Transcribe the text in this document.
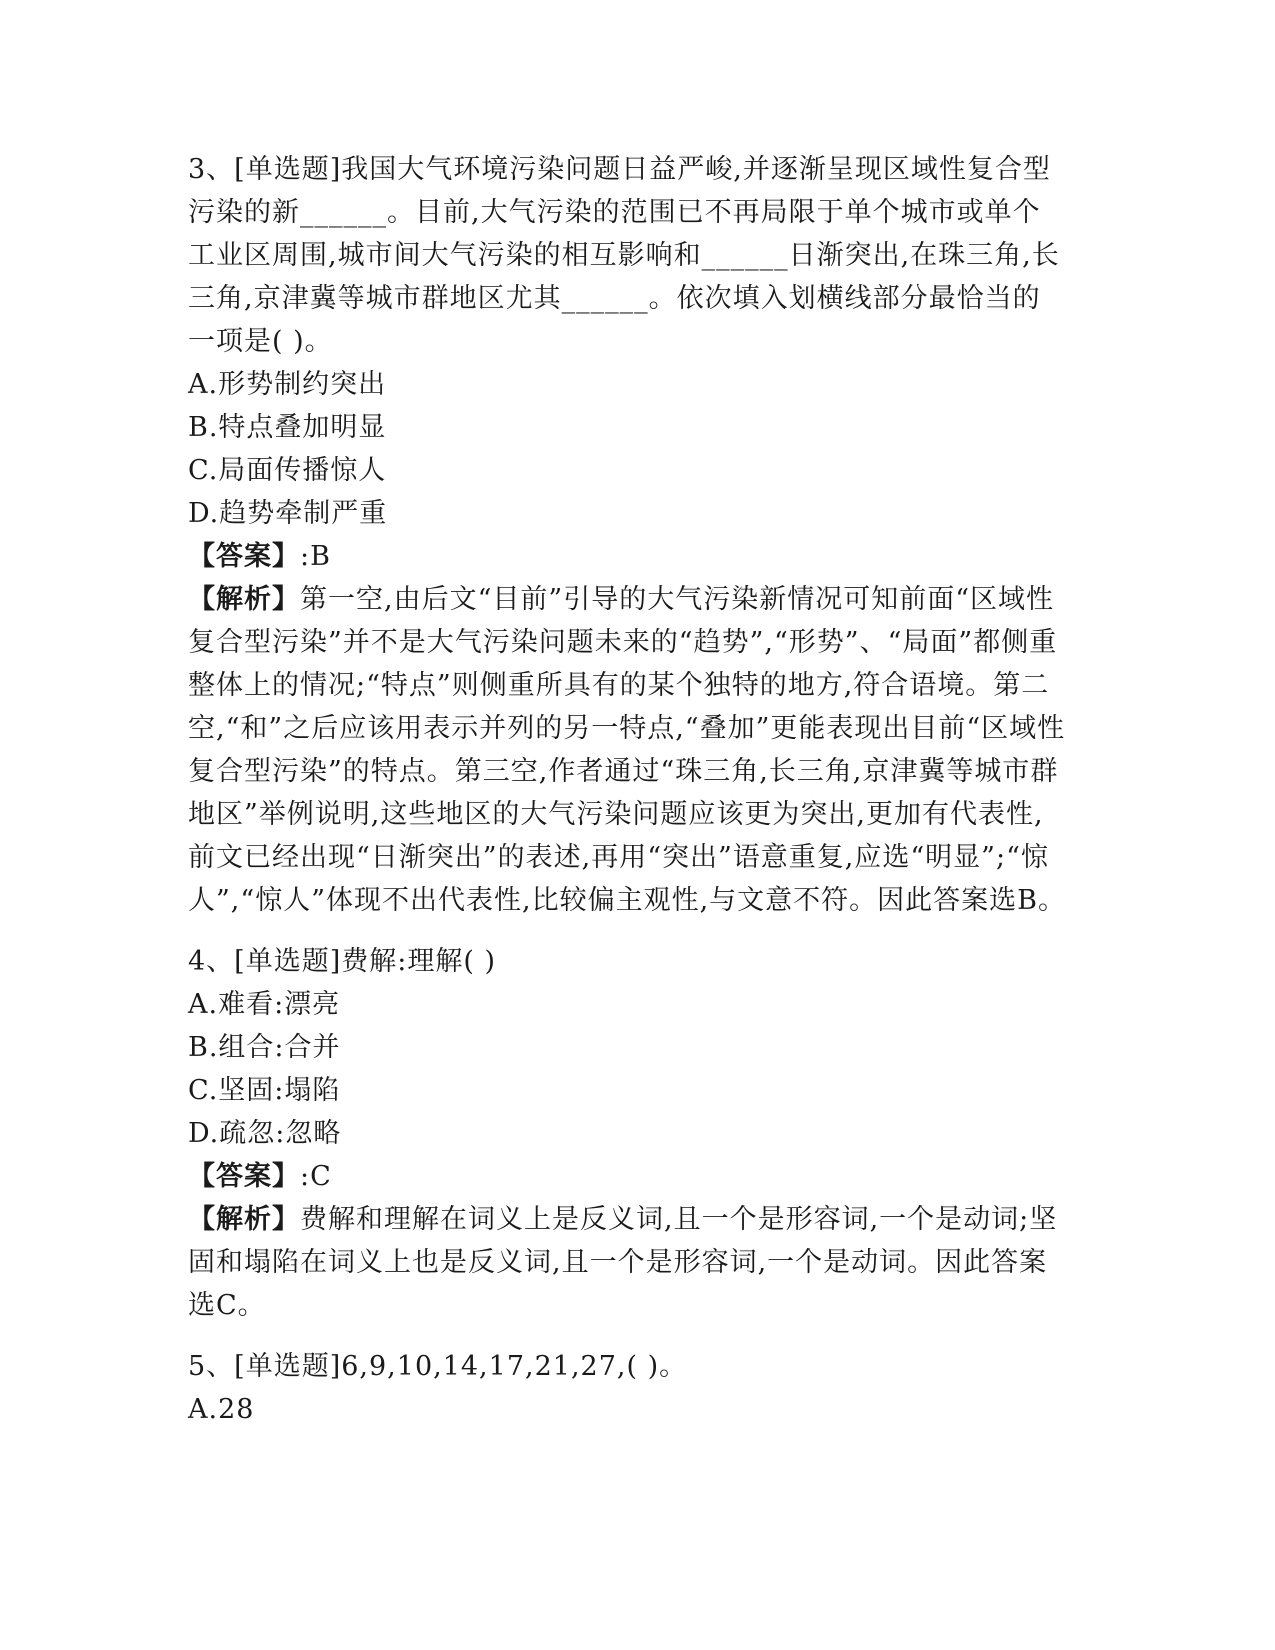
3、[单选题]我国大气环境污染问题日益严峻,并逐渐呈现区域性复合型污染的新______。目前,大气污染的范围已不再局限于单个城市或单个工业区周围,城市间大气污染的相互影响和______日渐突出,在珠三角,长三角,京津冀等城市群地区尤其______。依次填入划横线部分最恰当的一项是( )。

A.形势制约突出
B.特点叠加明显
C.局面传播惊人
D.趋势牵制严重

【答案】:B

【解析】第一空,由后文“目前”引导的大气污染新情况可知前面“区域性复合型污染”并不是大气污染问题未来的“趋势”,“形势”、“局面”都侧重整体上的情况;“特点”则侧重所具有的某个独特的地方,符合语境。第二空,“和”之后应该用表示并列的另一特点,“叠加”更能表现出目前“区域性复合型污染”的特点。第三空,作者通过“珠三角,长三角,京津冀等城市群地区”举例说明,这些地区的大气污染问题应该更为突出,更加有代表性,前文已经出现“日渐突出”的表述,再用“突出”语意重复,应选“明显”;“惊人”,“惊人”体现不出代表性,比较偏主观性,与文意不符。因此答案选B。

4、[单选题]费解:理解( )

A.难看:漂亮
B.组合:合并
C.坚固:塌陷
D.疏忽:忽略

【答案】:C

【解析】费解和理解在词义上是反义词,且一个是形容词,一个是动词;坚固和塌陷在词义上也是反义词,且一个是形容词,一个是动词。因此答案选C。

5、[单选题]6,9,10,14,17,21,27,( )。

A.28
